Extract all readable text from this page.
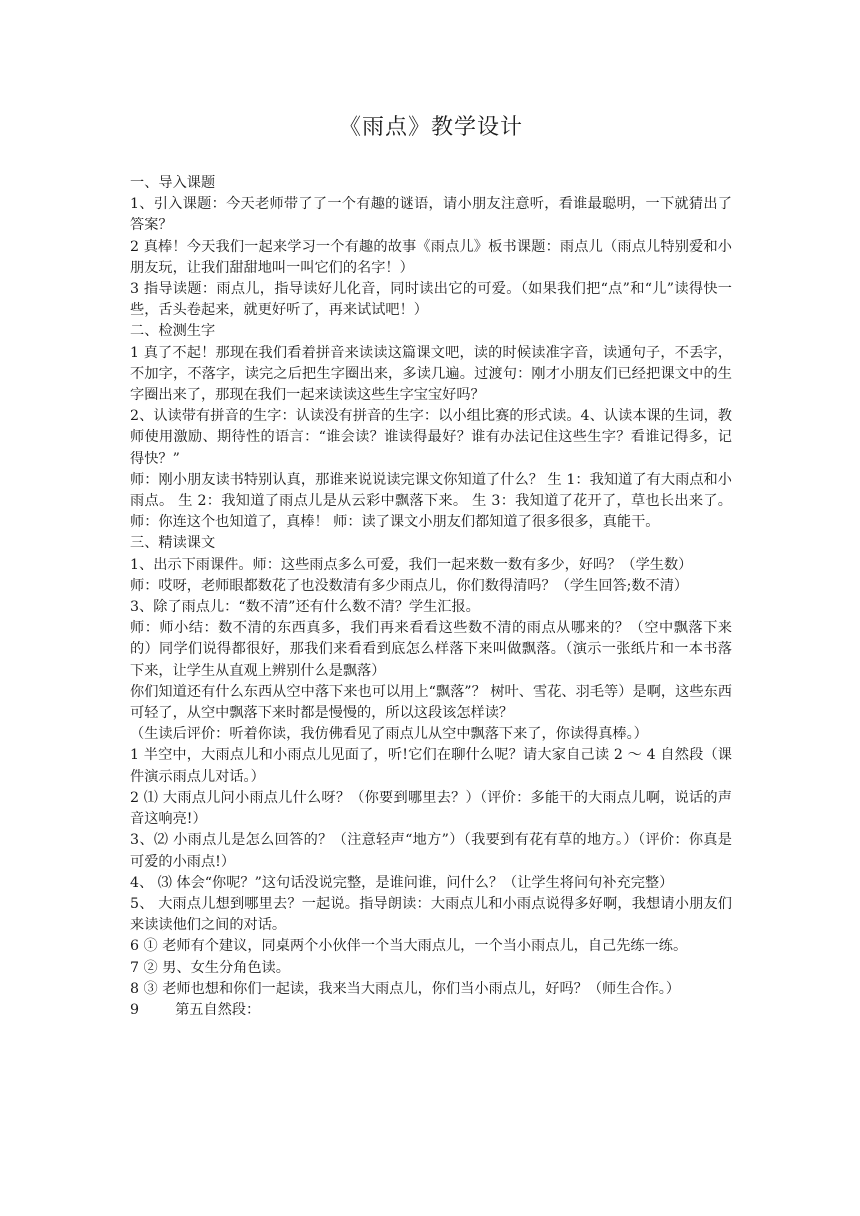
《雨点》教学设计

一、导入课题

1、引入课题：今天老师带了了一个有趣的谜语，请小朋友注意听，看谁最聪明，一下就猜出了答案？

2 真棒！今天我们一起来学习一个有趣的故事《雨点儿》板书课题：雨点儿（雨点儿特别爱和小朋友玩，让我们甜甜地叫一叫它们的名字！）

3 指导读题：雨点儿，指导读好儿化音，同时读出它的可爱。（如果我们把“点”和“儿”读得快一些，舌头卷起来，就更好听了，再来试试吧！）

二、检测生字

1 真了不起！那现在我们看着拼音来读读这篇课文吧，读的时候读准字音，读通句子，不丢字，不加字，不落字，读完之后把生字圈出来，多读几遍。过渡句：刚才小朋友们已经把课文中的生字圈出来了，那现在我们一起来读读这些生字宝宝好吗？

2、认读带有拼音的生字：认读没有拼音的生字：以小组比赛的形式读。4、认读本课的生词，教师使用激励、期待性的语言：“谁会读？谁读得最好？谁有办法记住这些生字？看谁记得多，记得快？”

师：刚小朋友读书特别认真，那谁来说说读完课文你知道了什么？ 生 1：我知道了有大雨点和小雨点。 生 2：我知道了雨点儿是从云彩中飘落下来。 生 3：我知道了花开了，草也长出来了。 师：你连这个也知道了，真棒！ 师：读了课文小朋友们都知道了很多很多，真能干。

三、精读课文

1、出示下雨课件。师：这些雨点多么可爱，我们一起来数一数有多少，好吗？（学生数）

师：哎呀，老师眼都数花了也没数清有多少雨点儿，你们数得清吗？（学生回答;数不清）

3、除了雨点儿：“数不清”还有什么数不清？学生汇报。

师：师小结：数不清的东西真多，我们再来看看这些数不清的雨点从哪来的？（空中飘落下来的）同学们说得都很好，那我们来看看到底怎么样落下来叫做飘落。（演示一张纸片和一本书落下来，让学生从直观上辨别什么是飘落）

你们知道还有什么东西从空中落下来也可以用上“飘落”？ 树叶、雪花、羽毛等）是啊，这些东西可轻了，从空中飘落下来时都是慢慢的，所以这段该怎样读？

（生读后评价：听着你读，我仿佛看见了雨点儿从空中飘落下来了，你读得真棒。）

1 半空中，大雨点儿和小雨点儿见面了，听!它们在聊什么呢？请大家自己读 2 ～ 4 自然段（课件演示雨点儿对话。）

2 ⑴ 大雨点儿问小雨点儿什么呀？（你要到哪里去？）（评价：多能干的大雨点儿啊，说话的声音这响亮!）

3、⑵ 小雨点儿是怎么回答的？（注意轻声“地方”）（我要到有花有草的地方。）（评价：你真是可爱的小雨点!）

4、 ⑶ 体会“你呢？”这句话没说完整，是谁问谁，问什么？（让学生将问句补充完整）

5、 大雨点儿想到哪里去？一起说。指导朗读：大雨点儿和小雨点说得多好啊，我想请小朋友们来读读他们之间的对话。

6 ① 老师有个建议，同桌两个小伙伴一个当大雨点儿，一个当小雨点儿，自己先练一练。

7 ② 男、女生分角色读。

8 ③ 老师也想和你们一起读，我来当大雨点儿，你们当小雨点儿，好吗？（师生合作。）

9        第五自然段：
